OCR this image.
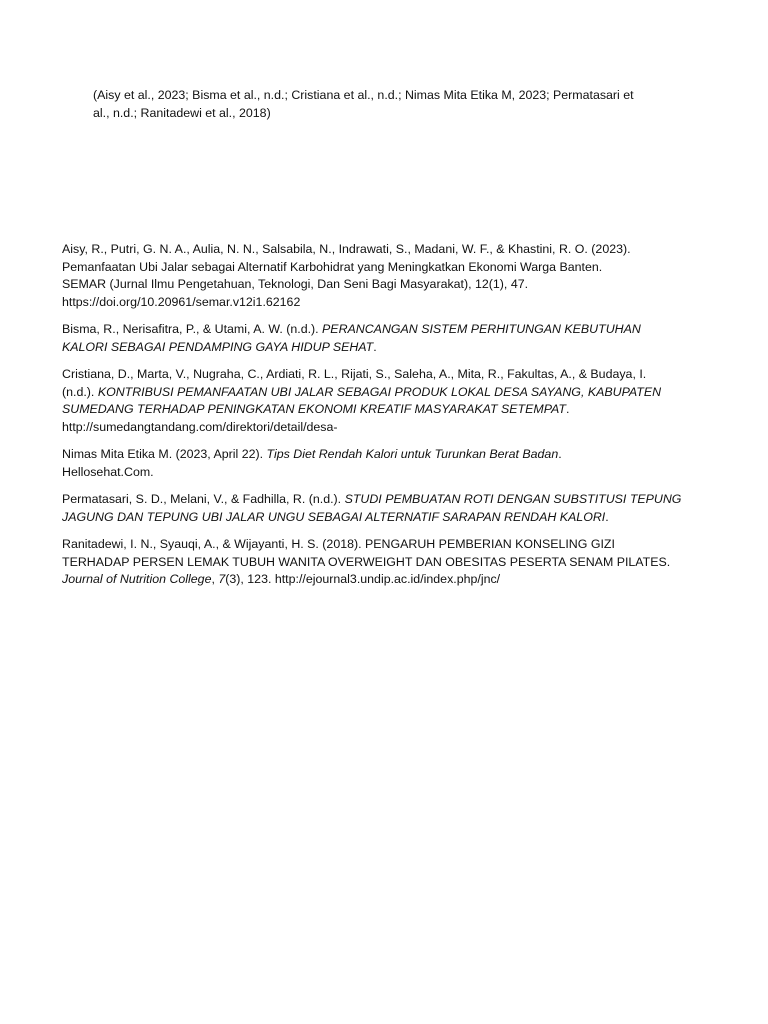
(Aisy et al., 2023; Bisma et al., n.d.; Cristiana et al., n.d.; Nimas Mita Etika M, 2023; Permatasari et
al., n.d.; Ranitadewi et al., 2018)
Aisy, R., Putri, G. N. A., Aulia, N. N., Salsabila, N., Indrawati, S., Madani, W. F., & Khastini, R. O. (2023).
Pemanfaatan Ubi Jalar sebagai Alternatif Karbohidrat yang Meningkatkan Ekonomi Warga Banten.
SEMAR (Jurnal Ilmu Pengetahuan, Teknologi, Dan Seni Bagi Masyarakat), 12(1), 47.
https://doi.org/10.20961/semar.v12i1.62162
Bisma, R., Nerisafitra, P., & Utami, A. W. (n.d.). PERANCANGAN SISTEM PERHITUNGAN KEBUTUHAN
KALORI SEBAGAI PENDAMPING GAYA HIDUP SEHAT.
Cristiana, D., Marta, V., Nugraha, C., Ardiati, R. L., Rijati, S., Saleha, A., Mita, R., Fakultas, A., & Budaya, I.
(n.d.). KONTRIBUSI PEMANFAATAN UBI JALAR SEBAGAI PRODUK LOKAL DESA SAYANG, KABUPATEN
SUMEDANG TERHADAP PENINGKATAN EKONOMI KREATIF MASYARAKAT SETEMPAT.
http://sumedangtandang.com/direktori/detail/desa-
Nimas Mita Etika M. (2023, April 22). Tips Diet Rendah Kalori untuk Turunkan Berat Badan.
Hellosehat.Com.
Permatasari, S. D., Melani, V., & Fadhilla, R. (n.d.). STUDI PEMBUATAN ROTI DENGAN SUBSTITUSI TEPUNG
JAGUNG DAN TEPUNG UBI JALAR UNGU SEBAGAI ALTERNATIF SARAPAN RENDAH KALORI.
Ranitadewi, I. N., Syauqi, A., & Wijayanti, H. S. (2018). PENGARUH PEMBERIAN KONSELING GIZI
TERHADAP PERSEN LEMAK TUBUH WANITA OVERWEIGHT DAN OBESITAS PESERTA SENAM PILATES.
Journal of Nutrition College, 7(3), 123. http://ejournal3.undip.ac.id/index.php/jnc/
